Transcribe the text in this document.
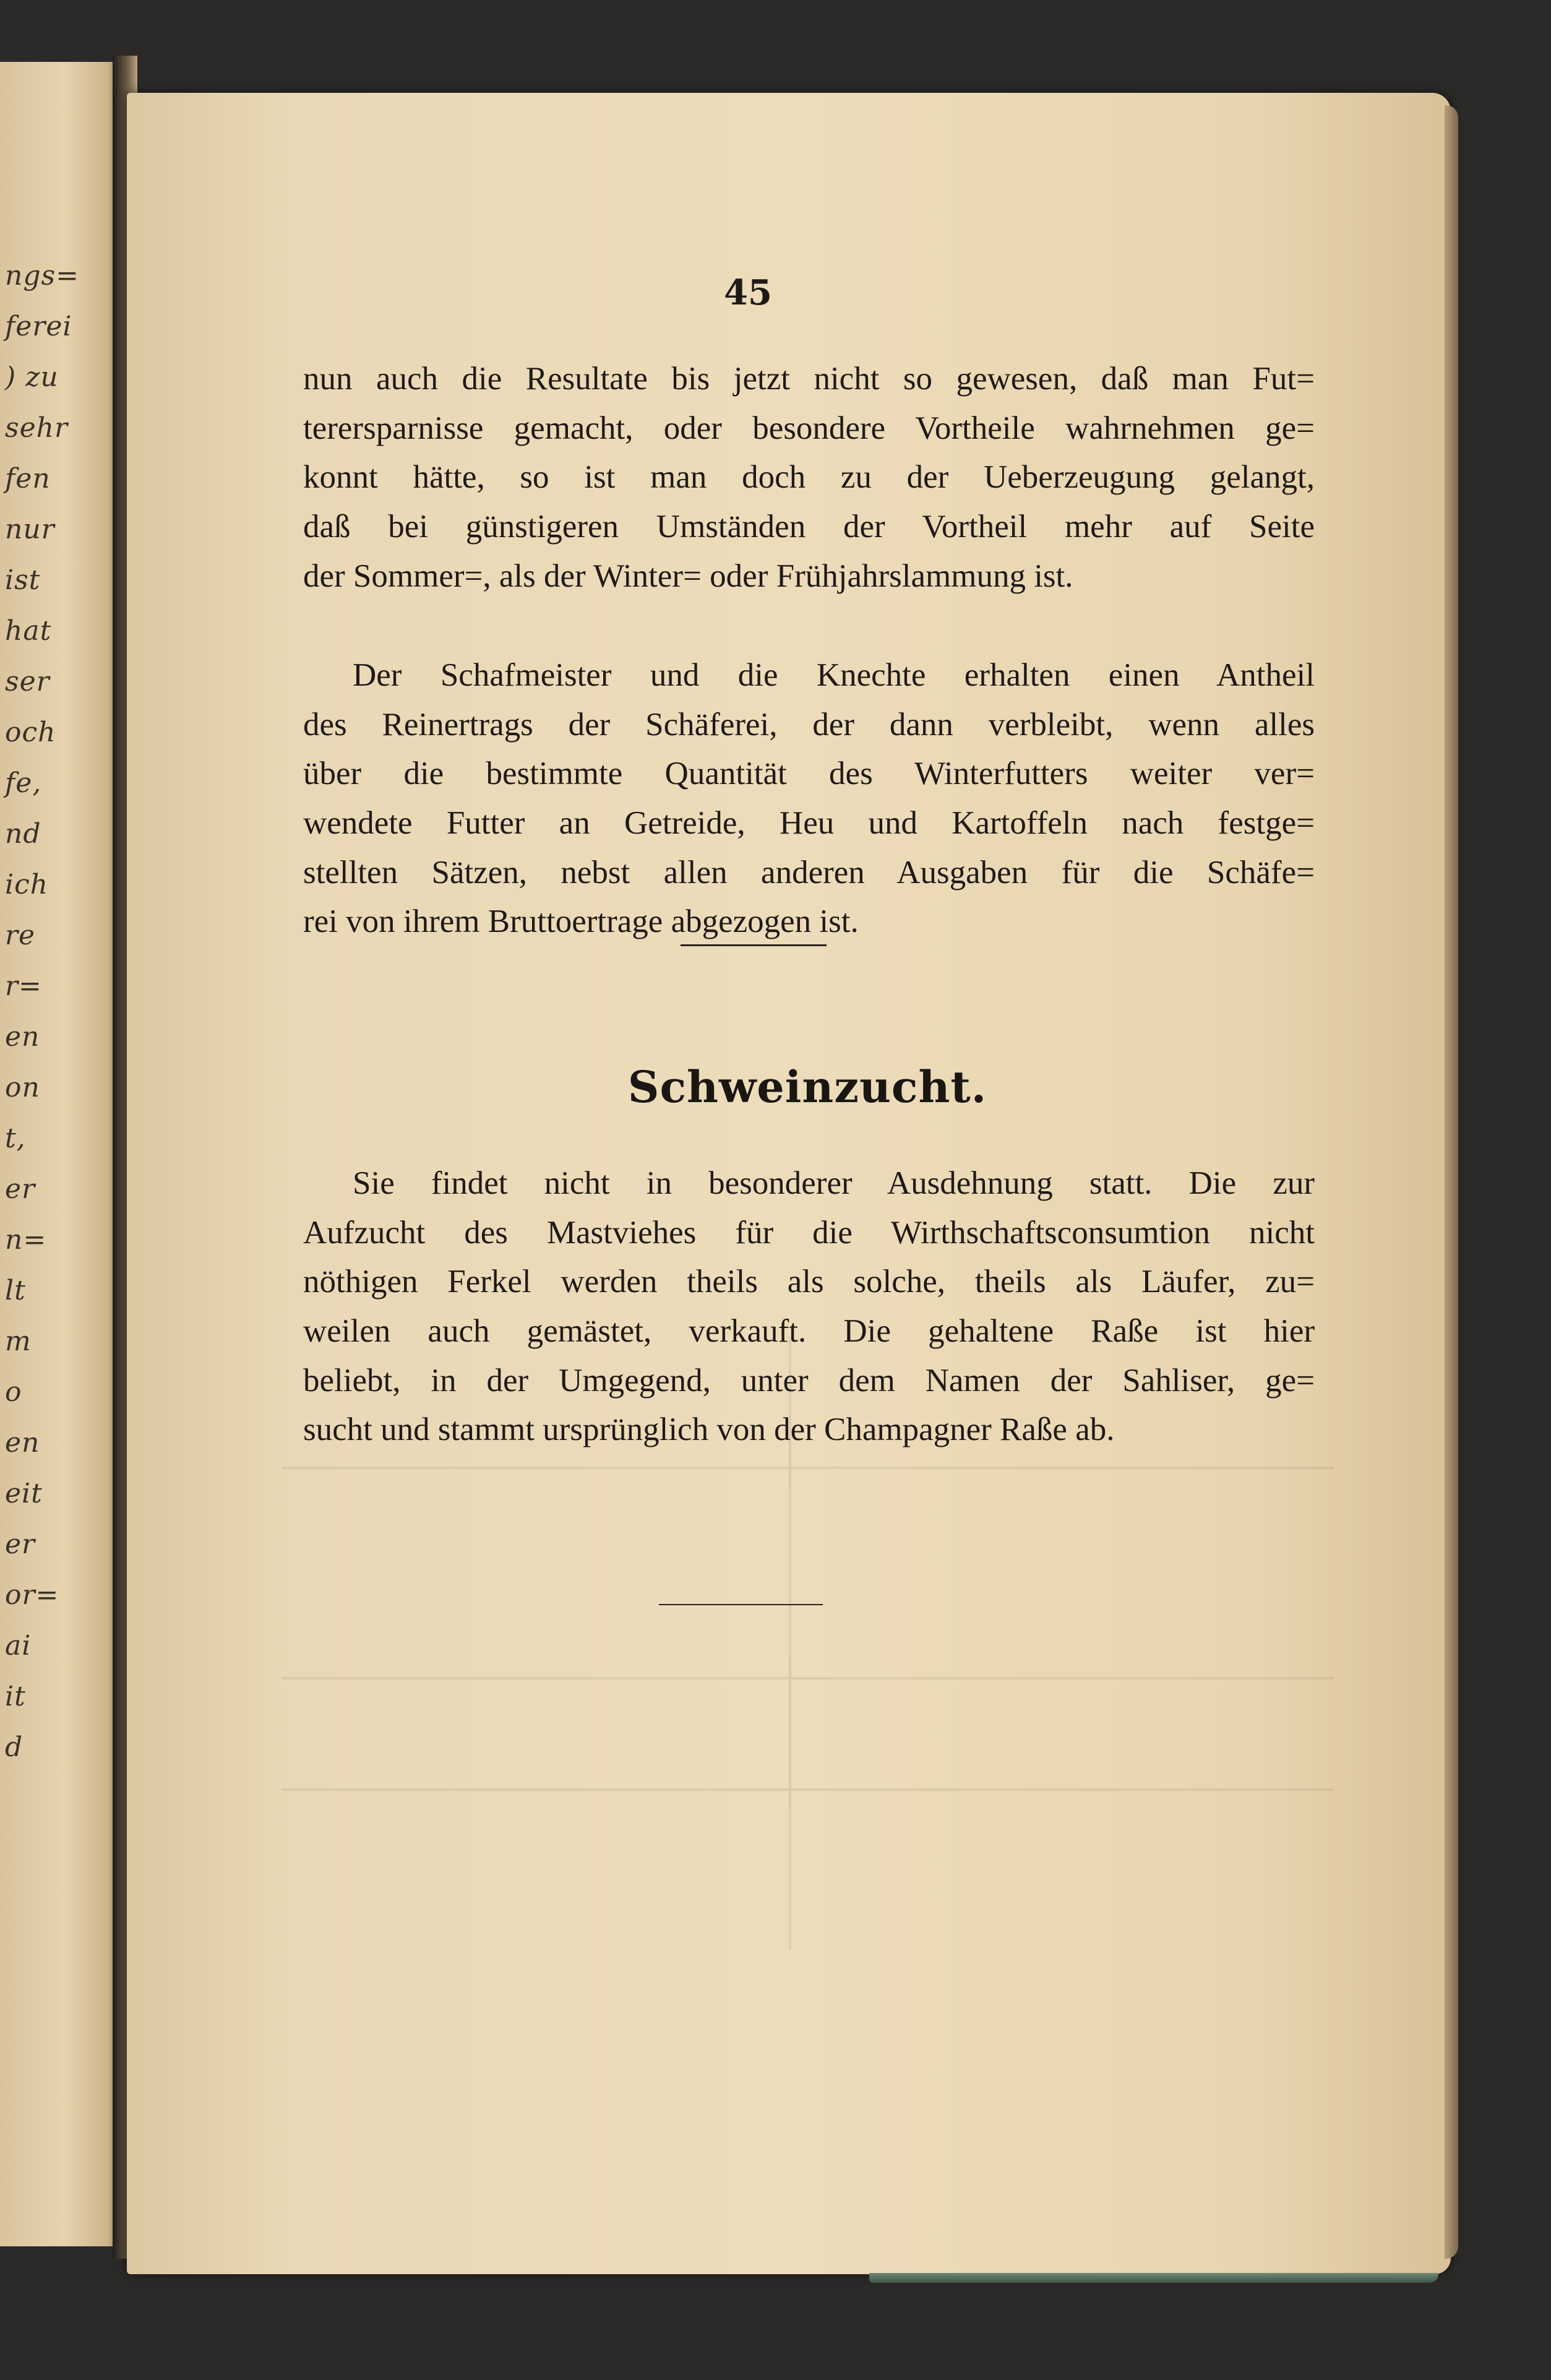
ngs=
ferei
) zu
sehr
fen
nur
ist
hat
ser
och
fe,
nd
ich
re
r=
en
on
t,
er
n=
lt
m
o
en
eit
er
or=
ai
it
d
45
nun auch die Resultate bis jetzt nicht so gewesen, daß man Fut=
terersparnisse gemacht, oder besondere Vortheile wahrnehmen ge=
konnt hätte, so ist man doch zu der Ueberzeugung gelangt,
daß bei günstigeren Umständen der Vortheil mehr auf Seite
der Sommer=, als der Winter= oder Frühjahrslammung ist.
Der Schafmeister und die Knechte erhalten einen Antheil
des Reinertrags der Schäferei, der dann verbleibt, wenn alles
über die bestimmte Quantität des Winterfutters weiter ver=
wendete Futter an Getreide, Heu und Kartoffeln nach festge=
stellten Sätzen, nebst allen anderen Ausgaben für die Schäfe=
rei von ihrem Bruttoertrage abgezogen ist.
Schweinzucht.
Sie findet nicht in besonderer Ausdehnung statt. Die zur
Aufzucht des Mastviehes für die Wirthschaftsconsumtion nicht
nöthigen Ferkel werden theils als solche, theils als Läufer, zu=
weilen auch gemästet, verkauft. Die gehaltene Raße ist hier
beliebt, in der Umgegend, unter dem Namen der Sahliser, ge=
sucht und stammt ursprünglich von der Champagner Raße ab.
